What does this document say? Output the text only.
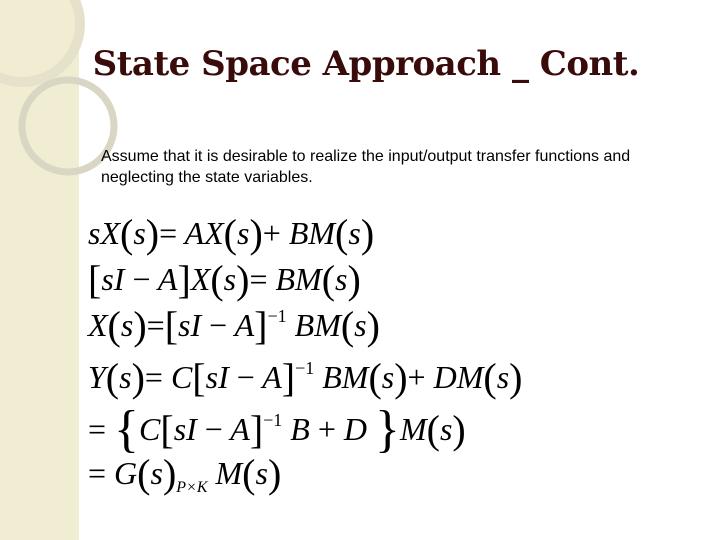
State Space Approach _ Cont.
Assume that it is desirable to realize the input/output transfer functions and neglecting the state variables.
sX(s)= AX(s)+ BM(s)
[sI − A]X(s)= BM(s)
X(s)=[sI − A]$^{-1}$ BM(s)
Y(s)= C[sI − A]$^{-1}$ BM(s)+ DM(s)
= {C[sI − A]$^{-1}$ B + D }M(s)
= $G(s)_{P\times K}$ M(s)
